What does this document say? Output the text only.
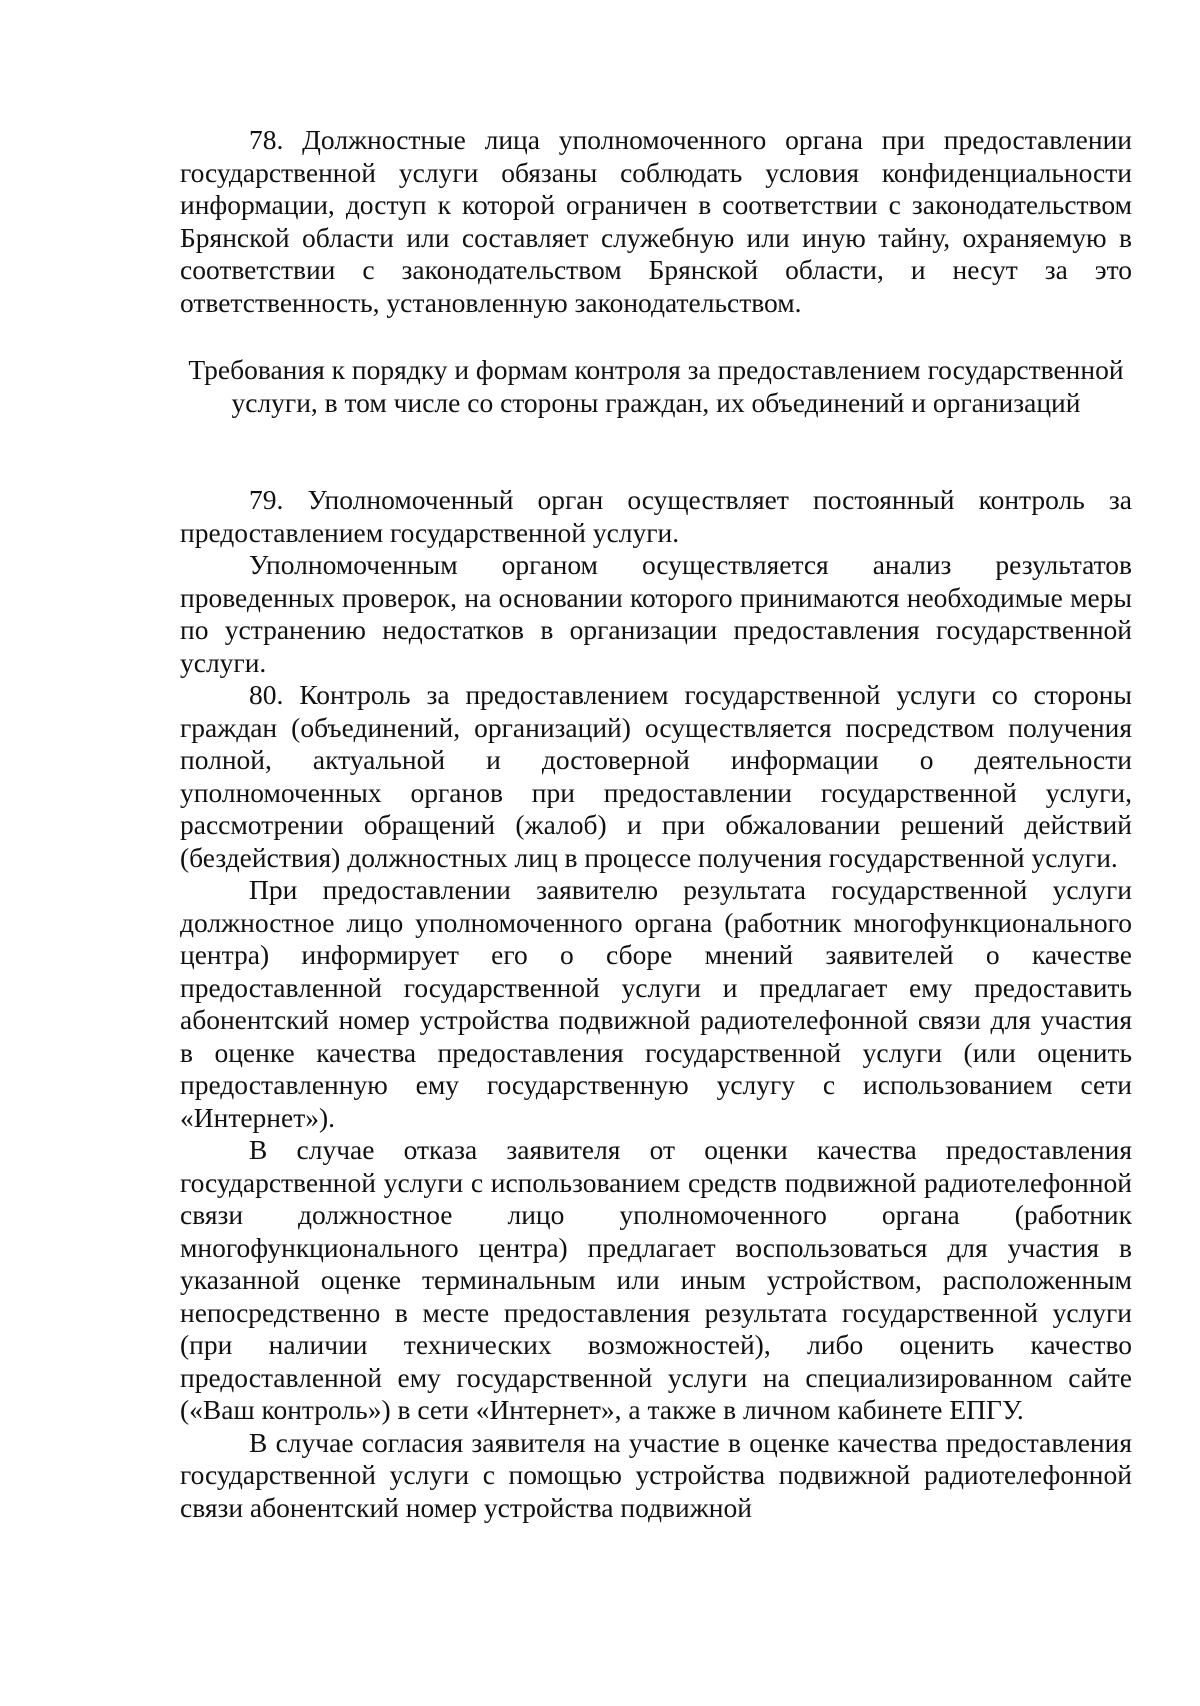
78. Должностные лица уполномоченного органа при предоставлении государственной услуги обязаны соблюдать условия конфиденциальности информации, доступ к которой ограничен в соответствии с законодательством Брянской области или составляет служебную или иную тайну, охраняемую в соответствии с законодательством Брянской области, и несут за это ответственность, установленную законодательством.

Требования к порядку и формам контроля за предоставлением государственной услуги, в том числе со стороны граждан, их объединений и организаций

79. Уполномоченный орган осуществляет постоянный контроль за предоставлением государственной услуги.

Уполномоченным органом осуществляется анализ результатов проведенных проверок, на основании которого принимаются необходимые меры по устранению недостатков в организации предоставления государственной услуги.

80. Контроль за предоставлением государственной услуги со стороны граждан (объединений, организаций) осуществляется посредством получения полной, актуальной и достоверной информации о деятельности уполномоченных органов при предоставлении государственной услуги, рассмотрении обращений (жалоб) и при обжаловании решений действий (бездействия) должностных лиц в процессе получения государственной услуги.

При предоставлении заявителю результата государственной услуги должностное лицо уполномоченного органа (работник многофункционального центра) информирует его о сборе мнений заявителей о качестве предоставленной государственной услуги и предлагает ему предоставить абонентский номер устройства подвижной радиотелефонной связи для участия в оценке качества предоставления государственной услуги (или оценить предоставленную ему государственную услугу с использованием сети «Интернет»).

В случае отказа заявителя от оценки качества предоставления государственной услуги с использованием средств подвижной радиотелефонной связи должностное лицо уполномоченного органа (работник многофункционального центра) предлагает воспользоваться для участия в указанной оценке терминальным или иным устройством, расположенным непосредственно в месте предоставления результата государственной услуги (при наличии технических возможностей), либо оценить качество предоставленной ему государственной услуги на специализированном сайте («Ваш контроль») в сети «Интернет», а также в личном кабинете ЕПГУ.

В случае согласия заявителя на участие в оценке качества предоставления государственной услуги с помощью устройства подвижной радиотелефонной связи абонентский номер устройства подвижной
